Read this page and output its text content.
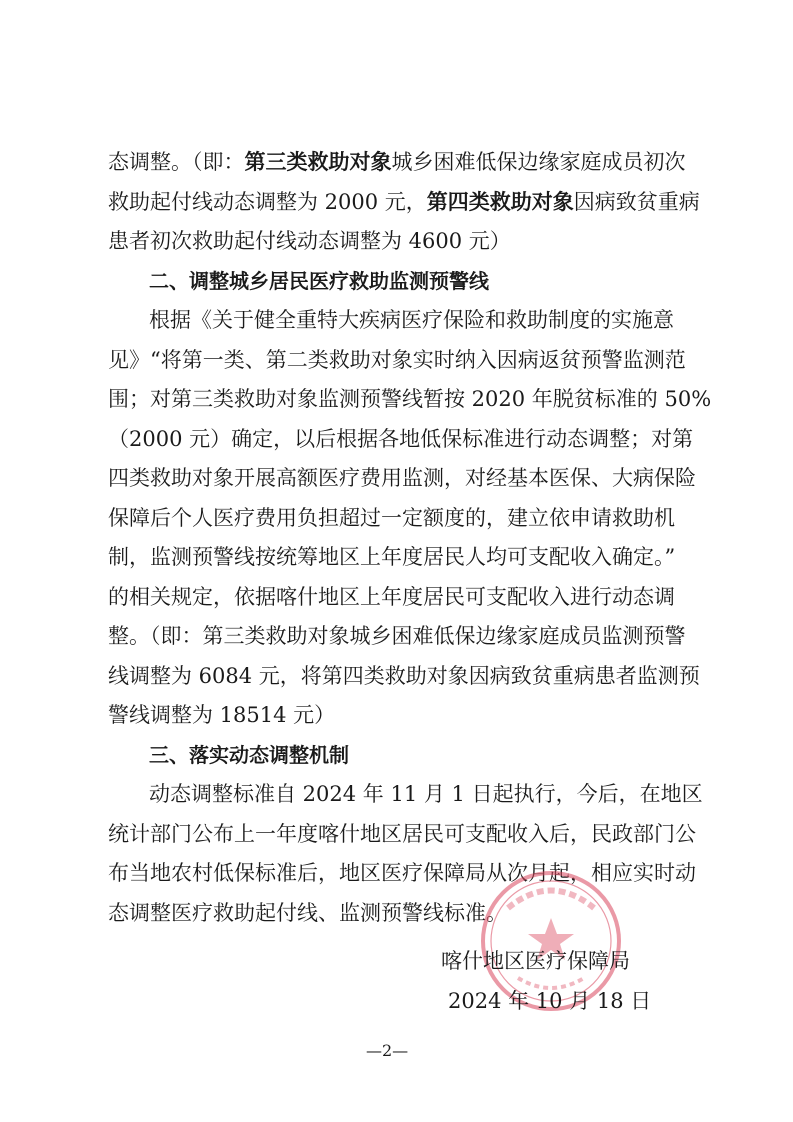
态调整。（即：第三类救助对象城乡困难低保边缘家庭成员初次
救助起付线动态调整为 2000 元，第四类救助对象因病致贫重病
患者初次救助起付线动态调整为 4600 元）
二、调整城乡居民医疗救助监测预警线
根据《关于健全重特大疾病医疗保险和救助制度的实施意
见》“将第一类、第二类救助对象实时纳入因病返贫预警监测范
围；对第三类救助对象监测预警线暂按 2020 年脱贫标准的 50%
（2000 元）确定，以后根据各地低保标准进行动态调整；对第
四类救助对象开展高额医疗费用监测，对经基本医保、大病保险
保障后个人医疗费用负担超过一定额度的，建立依申请救助机
制，监测预警线按统筹地区上年度居民人均可支配收入确定。”
的相关规定，依据喀什地区上年度居民可支配收入进行动态调
整。（即：第三类救助对象城乡困难低保边缘家庭成员监测预警
线调整为 6084 元，将第四类救助对象因病致贫重病患者监测预
警线调整为 18514 元）
三、落实动态调整机制
动态调整标准自 2024 年 11 月 1 日起执行，今后，在地区
统计部门公布上一年度喀什地区居民可支配收入后，民政部门公
布当地农村低保标准后，地区医疗保障局从次月起，相应实时动
态调整医疗救助起付线、监测预警线标准。
喀什地区医疗保障局
2024 年 10 月 18 日
—2—
